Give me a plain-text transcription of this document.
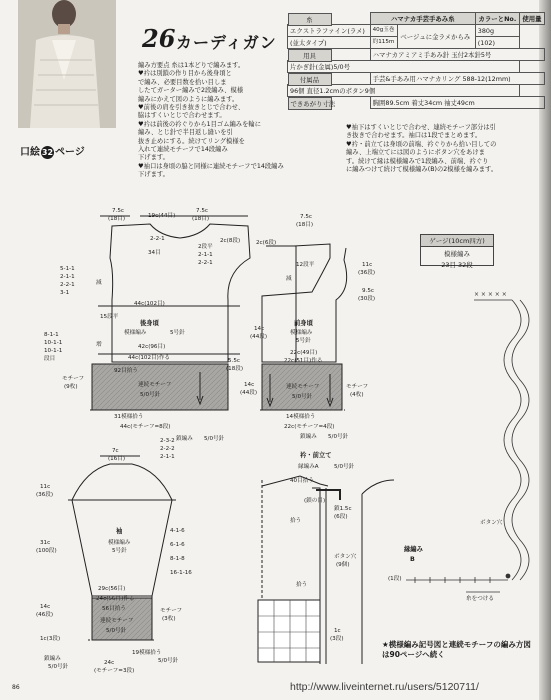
26 カーディガン
口絵 32 ページ
編み方要点 糸は1本どりで編みます。
♥衿は別鎖の作り目から後身頃と
で編み、必要目数を拾い目しま
したてガーター編みで2段編み、模様
編みにかえて図のように編みます。
♥前後の肩を引き抜きとじで合わせ、
脇はすくいとじで合わせます。
♥衿は前後の衿ぐりから1目ゴム編みを輪に
編み、とじ針で半目返し縫いを引
抜き止めにする。続けてリング模様を
入れて連続モチーフで14段編み
下げます。
♥袖口は身頃の脇と同様に連続モチーフで14段編み
下げます。
糸	ハマナカ手芸手あみ糸		カラーとNo.	使用量
エクストラファイン(ラメ)	40g玉巻	ベージュに金ラメからみ	380g	
(並太タイプ)	約115m		(102)	

用具	ハマナカアミアミ手あみ針 玉付2本針5号			
片かぎ針(金属)5/0号				

付属品	手芸&手あみ用ハマナカリング 588-12(12mm)			
96個 直径1.2cmのボタン9個				

できあがり寸法	胸囲89.5cm 着丈34cm 袖丈49cm			
♥袖下はすくいとじで合わせ、連続モチーフ部分は引
き抜きで合わせます。袖口は1段でまとめます。
♥衿・前立ては身頃の前端、衿ぐりから拾い目しての
編み、上端立てには図のようにボタン穴をあけま
す。続けて縁は模様編みで1段編み、前端、衿ぐり
に編みつけて続けて模様編み(B)の2模様を編みます。
ゲージ(10cm四方)
模様編み
23目 32段
× × × × ×
7.5c
(18目)	19c(44目)
7.5c
(18目)
2-2-1
34目
2段平
2-1-1
2-2-1
2c(8段)
5-1-1
2-1-1
2-2-1
3-1
減
44c(102目)
15段平
後身頃
模様編み	5号針
8-1-1
10-1-1
10-1-1
段目
増	42c(96目)
44c(102目)作る
92目拾う
連続モチーフ
5/0号針
モチーフ
(9枚)
31模様拾う
44c(モチーフ=8段)
鎖編み 5/0号針
7.5c
(18目)
2c(6段)
14c
(44段)
9.5c
(30段)
11c
(36段)
減
12段平
前身頃
模様編み
5号針
22c(49目)
22c(51目)作る
5.5c
(18段)
14c
(44段)
連続モチーフ
5/0号針
モチーフ
(4枚)
14模様拾う
22c(モチーフ=4段)
鎖編み 5/0号針
7c
(16目)
2-3-2
2-2-2
2-1-1
11c
(36段)
31c
(100段)
4-1-6
6-1-6
8-1-8
16-1-16
袖
模様編み
5号針
29c(56目)
24c(56目)作る
56目拾う
連続モチーフ
5/0号針
モチーフ
(3枚)
14c
(46段)
1c(3段)
鎖編み
5/0号針
19模様拾う
24c
(モチーフ=3段)
5/0号針
衿・前立て
縁編みA	5/0号針
40目拾う
(鎖の目)
鎖1.5c
(6段)
拾う
ボタン穴
(9個)
拾う
1c
(3段)
縁編み
B
(1段)
ボタン穴
糸をつける
★模様編み記号図と連続モチーフの編み方図は90ページへ続く
86	http://www.liveinternet.ru/users/5120711/
